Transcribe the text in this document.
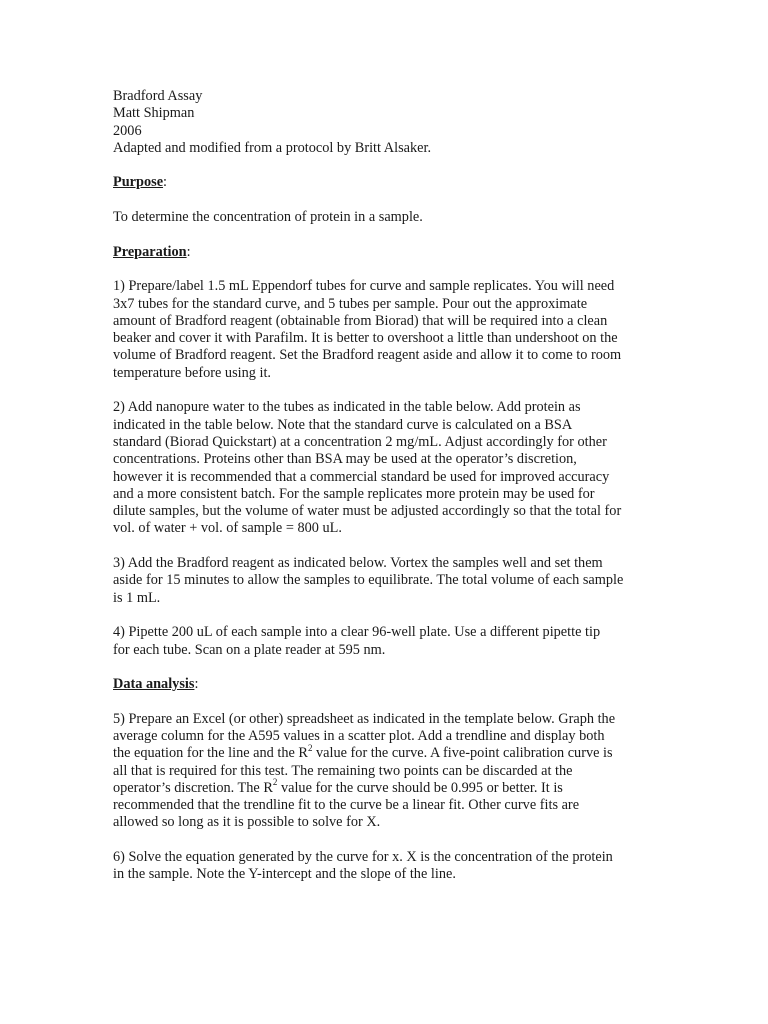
Bradford Assay
Matt Shipman
2006
Adapted and modified from a protocol by Britt Alsaker.
Purpose:
To determine the concentration of protein in a sample.
Preparation:
1) Prepare/label 1.5 mL Eppendorf tubes for curve and sample replicates. You will need
3x7 tubes for the standard curve, and 5 tubes per sample. Pour out the approximate
amount of Bradford reagent (obtainable from Biorad) that will be required into a clean
beaker and cover it with Parafilm. It is better to overshoot a little than undershoot on the
volume of Bradford reagent. Set the Bradford reagent aside and allow it to come to room
temperature before using it.
2) Add nanopure water to the tubes as indicated in the table below. Add protein as
indicated in the table below. Note that the standard curve is calculated on a BSA
standard (Biorad Quickstart) at a concentration 2 mg/mL. Adjust accordingly for other
concentrations. Proteins other than BSA may be used at the operator’s discretion,
however it is recommended that a commercial standard be used for improved accuracy
and a more consistent batch. For the sample replicates more protein may be used for
dilute samples, but the volume of water must be adjusted accordingly so that the total for
vol. of water + vol. of sample = 800 uL.
3) Add the Bradford reagent as indicated below. Vortex the samples well and set them
aside for 15 minutes to allow the samples to equilibrate. The total volume of each sample
is 1 mL.
4) Pipette 200 uL of each sample into a clear 96-well plate. Use a different pipette tip
for each tube. Scan on a plate reader at 595 nm.
Data analysis:
5) Prepare an Excel (or other) spreadsheet as indicated in the template below. Graph the
average column for the A595 values in a scatter plot. Add a trendline and display both
the equation for the line and the $R^2$ value for the curve. A five-point calibration curve is
all that is required for this test. The remaining two points can be discarded at the
operator’s discretion. The $R^2$ value for the curve should be 0.995 or better. It is
recommended that the trendline fit to the curve be a linear fit. Other curve fits are
allowed so long as it is possible to solve for X.
6) Solve the equation generated by the curve for x. X is the concentration of the protein
in the sample. Note the Y-intercept and the slope of the line.
